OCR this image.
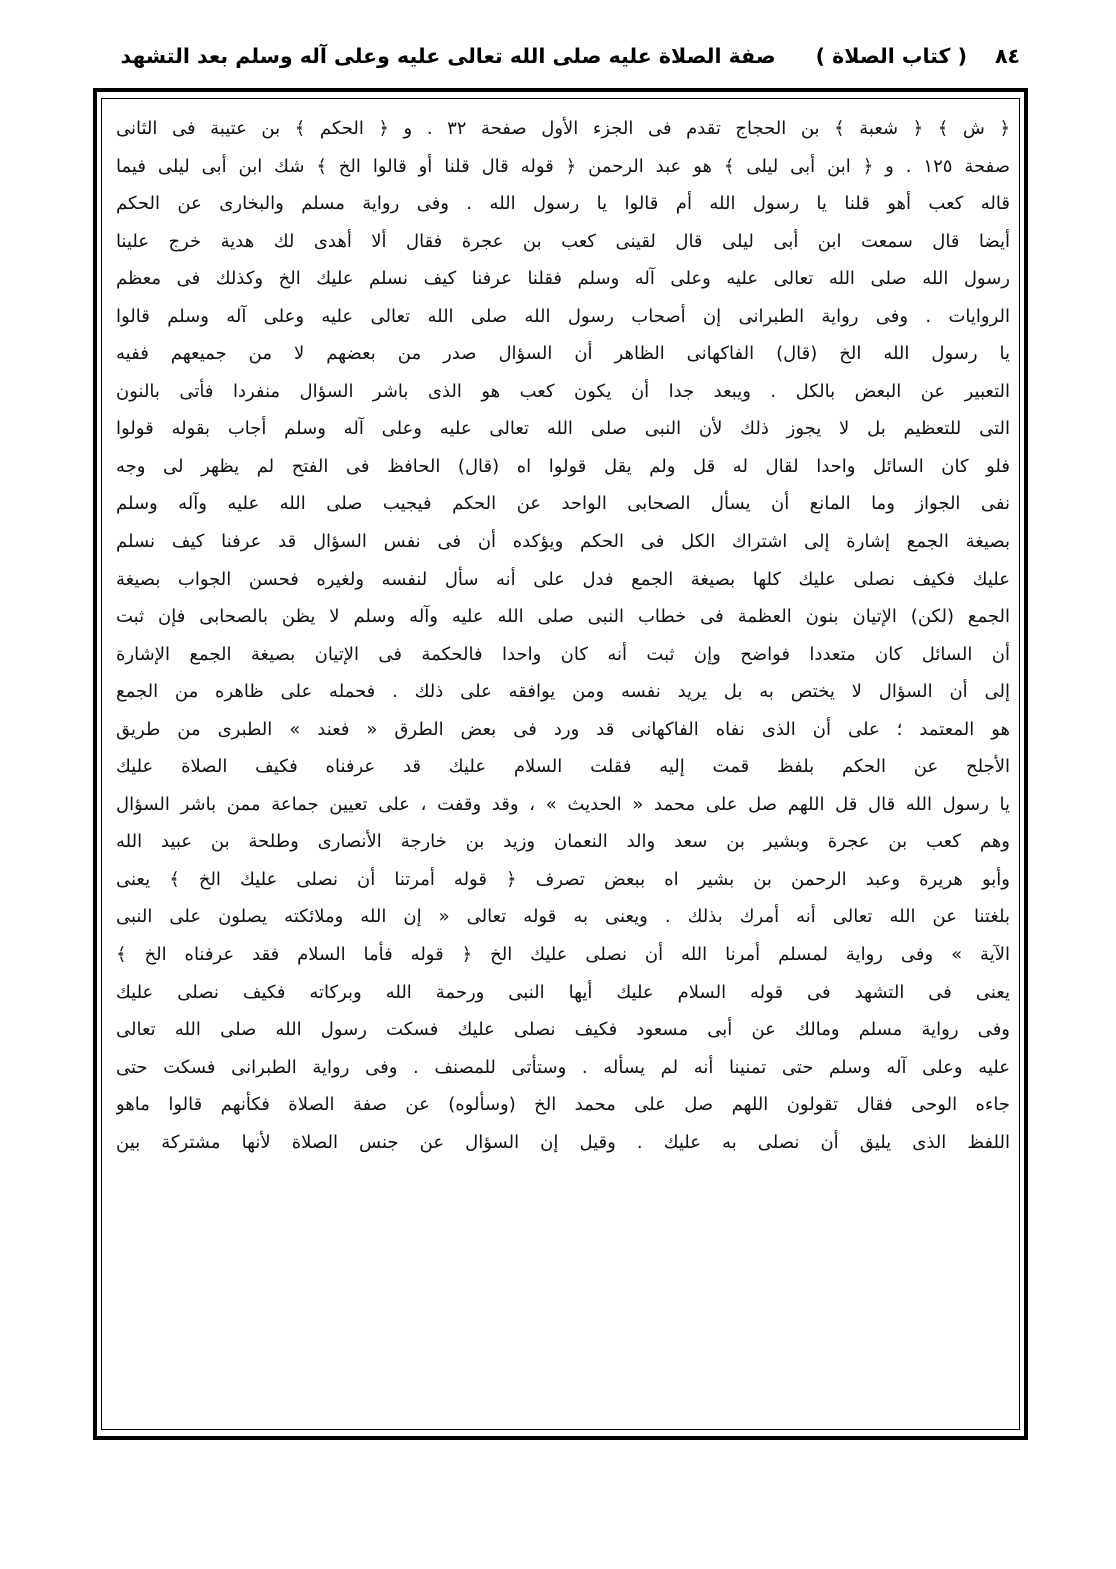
٨٤
( كتاب الصلاة )
صفة الصلاة عليه صلى الله تعالى عليه وعلى آله وسلم بعد التشهد
﴿ ش ﴾ ﴿ شعبة ﴾ بن الحجاج تقدم فى الجزء الأول صفحة ٣٢ . و ﴿ الحكم ﴾ بن عتيبة فى الثانى
صفحة ١٢٥ . و ﴿ ابن أبى ليلى ﴾ هو عبد الرحمن ﴿ قوله قال قلنا أو قالوا الخ ﴾ شك ابن أبى ليلى فيما
قاله كعب أهو قلنا يا رسول الله أم قالوا يا رسول الله . وفى رواية مسلم والبخارى عن الحكم
أيضا قال سمعت ابن أبى ليلى قال لقينى كعب بن عجرة فقال ألا أهدى لك هدية خرج علينا
رسول الله صلى الله تعالى عليه وعلى آله وسلم فقلنا عرفنا كيف نسلم عليك الخ وكذلك فى معظم
الروايات . وفى رواية الطبرانى إن أصحاب رسول الله صلى الله تعالى عليه وعلى آله وسلم قالوا
يا رسول الله الخ (قال) الفاكهانى الظاهر أن السؤال صدر من بعضهم لا من جميعهم ففيه
التعبير عن البعض بالكل . ويبعد جدا أن يكون كعب هو الذى باشر السؤال منفردا فأتى بالنون
التى للتعظيم بل لا يجوز ذلك لأن النبى صلى الله تعالى عليه وعلى آله وسلم أجاب بقوله قولوا
فلو كان السائل واحدا لقال له قل ولم يقل قولوا اه (قال) الحافظ فى الفتح لم يظهر لى وجه
نفى الجواز وما المانع أن يسأل الصحابى الواحد عن الحكم فيجيب صلى الله عليه وآله وسلم
بصيغة الجمع إشارة إلى اشتراك الكل فى الحكم ويؤكده أن فى نفس السؤال قد عرفنا كيف نسلم
عليك فكيف نصلى عليك كلها بصيغة الجمع فدل على أنه سأل لنفسه ولغيره فحسن الجواب بصيغة
الجمع (لكن) الإتيان بنون العظمة فى خطاب النبى صلى الله عليه وآله وسلم لا يظن بالصحابى فإن ثبت
أن السائل كان متعددا فواضح وإن ثبت أنه كان واحدا فالحكمة فى الإتيان بصيغة الجمع الإشارة
إلى أن السؤال لا يختص به بل يريد نفسه ومن يوافقه على ذلك . فحمله على ظاهره من الجمع
هو المعتمد ؛ على أن الذى نفاه الفاكهانى قد ورد فى بعض الطرق « فعند » الطبرى من طريق
الأجلح عن الحكم بلفظ قمت إليه فقلت السلام عليك قد عرفناه فكيف الصلاة عليك
يا رسول الله قال قل اللهم صل على محمد « الحديث » ، وقد وقفت ، على تعيين جماعة ممن باشر السؤال
وهم كعب بن عجرة وبشير بن سعد والد النعمان وزيد بن خارجة الأنصارى وطلحة بن عبيد الله
وأبو هريرة وعبد الرحمن بن بشير اه ببعض تصرف ﴿ قوله أمرتنا أن نصلى عليك الخ ﴾ يعنى
بلغتنا عن الله تعالى أنه أمرك بذلك . ويعنى به قوله تعالى « إن الله وملائكته يصلون على النبى
الآية » وفى رواية لمسلم أمرنا الله أن نصلى عليك الخ ﴿ قوله فأما السلام فقد عرفناه الخ ﴾
يعنى فى التشهد فى قوله السلام عليك أيها النبى ورحمة الله وبركاته فكيف نصلى عليك
وفى رواية مسلم ومالك عن أبى مسعود فكيف نصلى عليك فسكت رسول الله صلى الله تعالى
عليه وعلى آله وسلم حتى تمنينا أنه لم يسأله . وستأتى للمصنف . وفى رواية الطبرانى فسكت حتى
جاءه الوحى فقال تقولون اللهم صل على محمد الخ (وسألوه) عن صفة الصلاة فكأنهم قالوا ماهو
اللفظ الذى يليق أن نصلى به عليك . وقيل إن السؤال عن جنس الصلاة لأنها مشتركة بين
